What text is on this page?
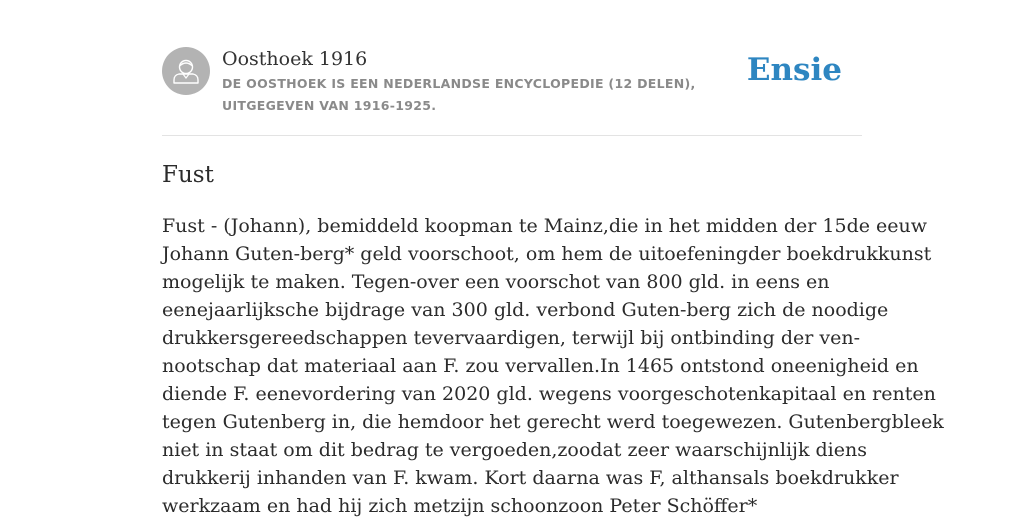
Oosthoek 1916
DE OOSTHOEK IS EEN NEDERLANDSE ENCYCLOPEDIE (12 DELEN), UITGEGEVEN VAN 1916-1925.
Ensie
Fust
Fust - (Johann), bemiddeld koopman te Mainz,die in het midden der 15de eeuw
Johann Guten-berg* geld voorschoot, om hem de uitoefeningder boekdrukkunst
mogelijk te maken. Tegen-over een voorschot van 800 gld. in eens en
eenejaarlijksche bijdrage van 300 gld. verbond Guten-berg zich de noodige
drukkersgereedschappen tevervaardigen, terwijl bij ontbinding der ven-
nootschap dat materiaal aan F. zou vervallen.In 1465 ontstond oneenigheid en
diende F. eenevordering van 2020 gld. wegens voorgeschotenkapitaal en renten
tegen Gutenberg in, die hemdoor het gerecht werd toegewezen. Gutenbergbleek
niet in staat om dit bedrag te vergoeden,zoodat zeer waarschijnlijk diens
drukkerij inhanden van F. kwam. Kort daarna was F, althansals boekdrukker
werkzaam en had hij zich metzijn schoonzoon Peter Schöffer*
